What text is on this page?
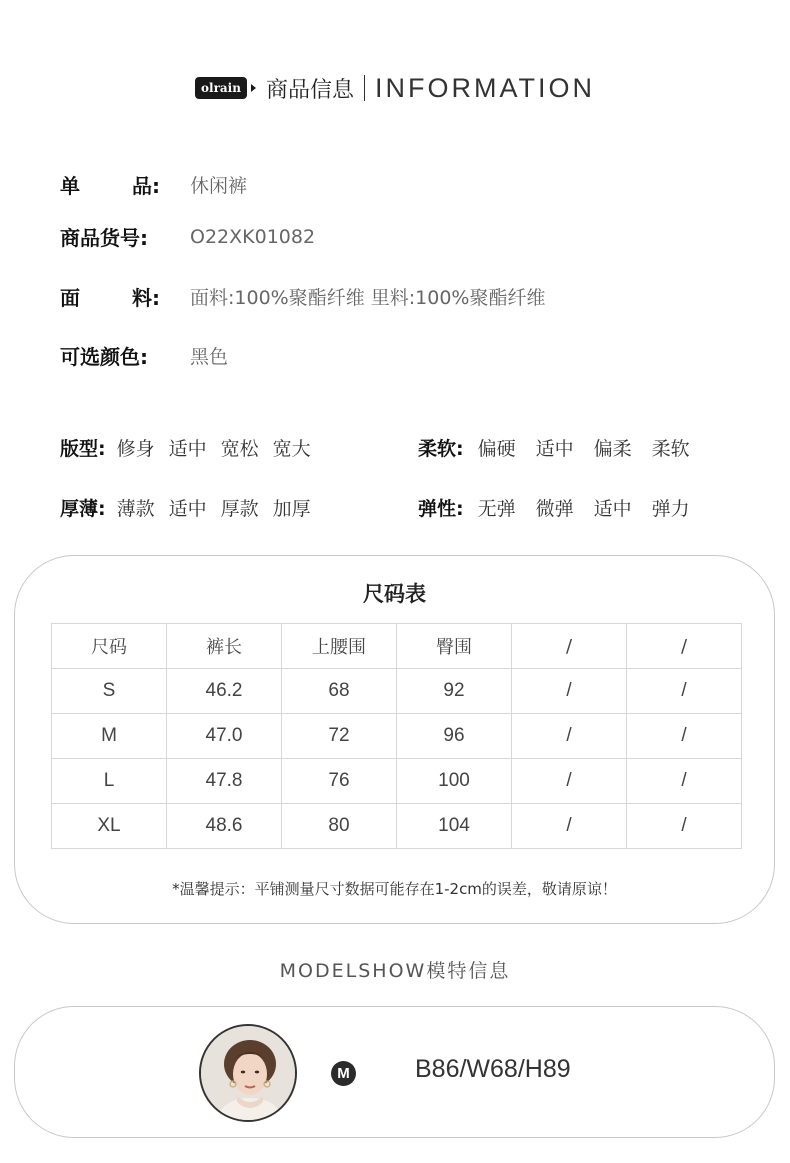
olrain 商品信息 INFORMATION
单	品 :	休闲裤
商品货号:	O22XK01082
面	料 :	面料:100%聚酯纤维 里料:100%聚酯纤维
可选颜色:	黑色
版型: 修身 适中 宽松 宽大	柔软: 偏硬	适中	偏柔	柔软
厚薄: 薄款 适中 厚款 加厚	弹性: 无弹	微弹	适中	弹力
尺码表
尺码	裤长	上腰围	臀围	/	/
S	46.2	68	92	/	/
M	47.0	72	96	/	/
L	47.8	76	100	/	/
XL	48.6	80	104	/	/
*温馨提示：平铺测量尺寸数据可能存在1-2cm的误差，敬请原谅！
MODELSHOW模特信息
M	B86/W68/H89
